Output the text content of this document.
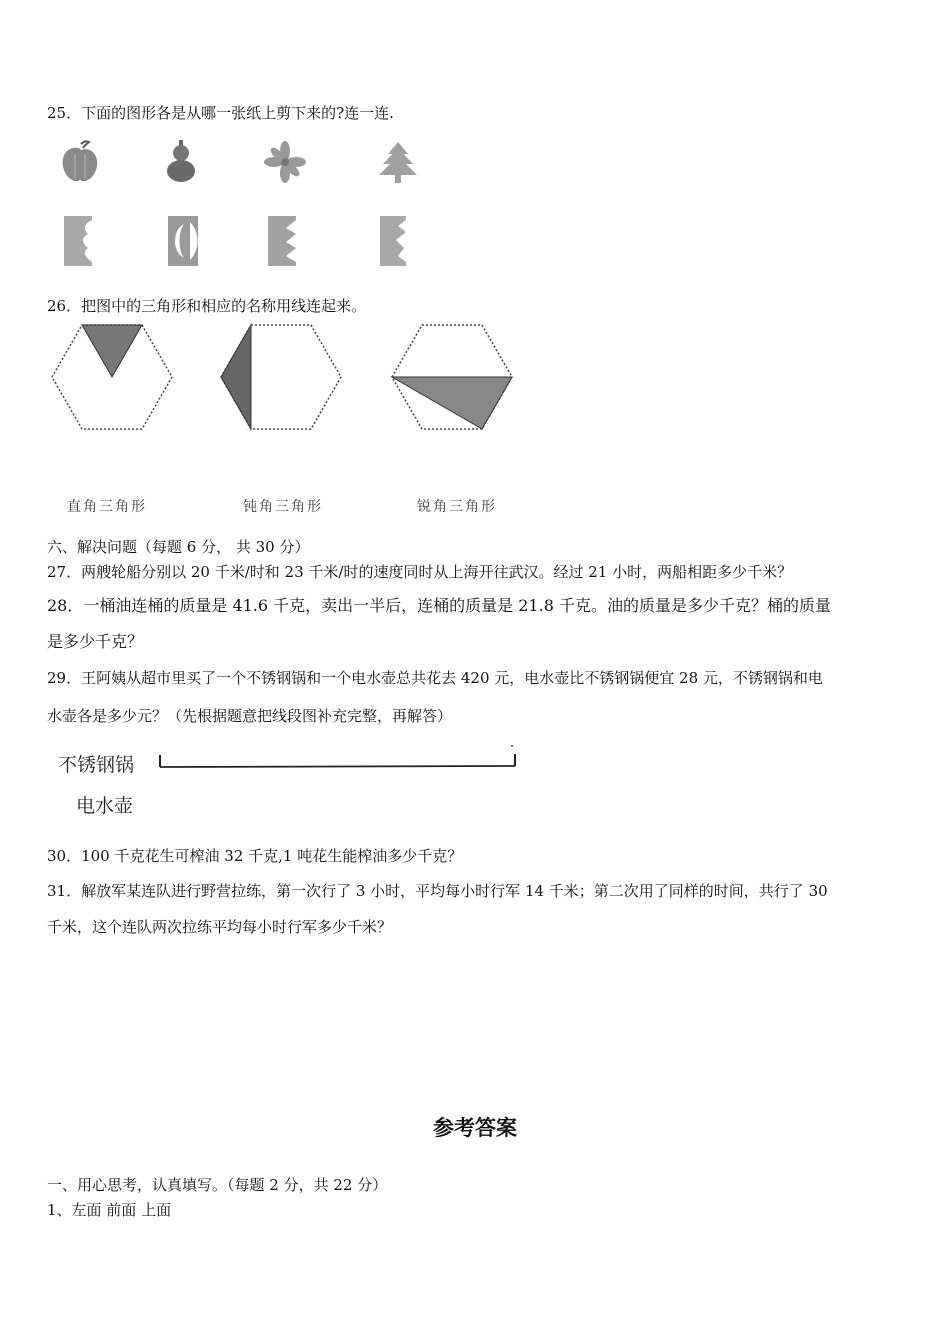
25．下面的图形各是从哪一张纸上剪下来的?连一连.
26．把图中的三角形和相应的名称用线连起来。
直角三角形	钝角三角形	锐角三角形
六、解决问题（每题 6 分， 共 30 分）
27．两艘轮船分别以 20 千米/时和 23 千米/时的速度同时从上海开往武汉。经过 21 小时，两船相距多少千米？
28．一桶油连桶的质量是 41.6 千克，卖出一半后，连桶的质量是 21.8 千克。油的质量是多少千克？桶的质量
是多少千克？
29．王阿姨从超市里买了一个不锈钢锅和一个电水壶总共花去 420 元，电水壶比不锈钢锅便宜 28 元，不锈钢锅和电
水壶各是多少元？（先根据题意把线段图补充完整，再解答）
不锈钢锅
电水壶
30．100 千克花生可榨油 32 千克,1 吨花生能榨油多少千克？
31．解放军某连队进行野营拉练，第一次行了 3 小时，平均每小时行军 14 千米；第二次用了同样的时间，共行了 30
千米，这个连队两次拉练平均每小时行军多少千米？
参考答案
一、用心思考，认真填写。（每题 2 分，共 22 分）
1、左面 前面 上面
